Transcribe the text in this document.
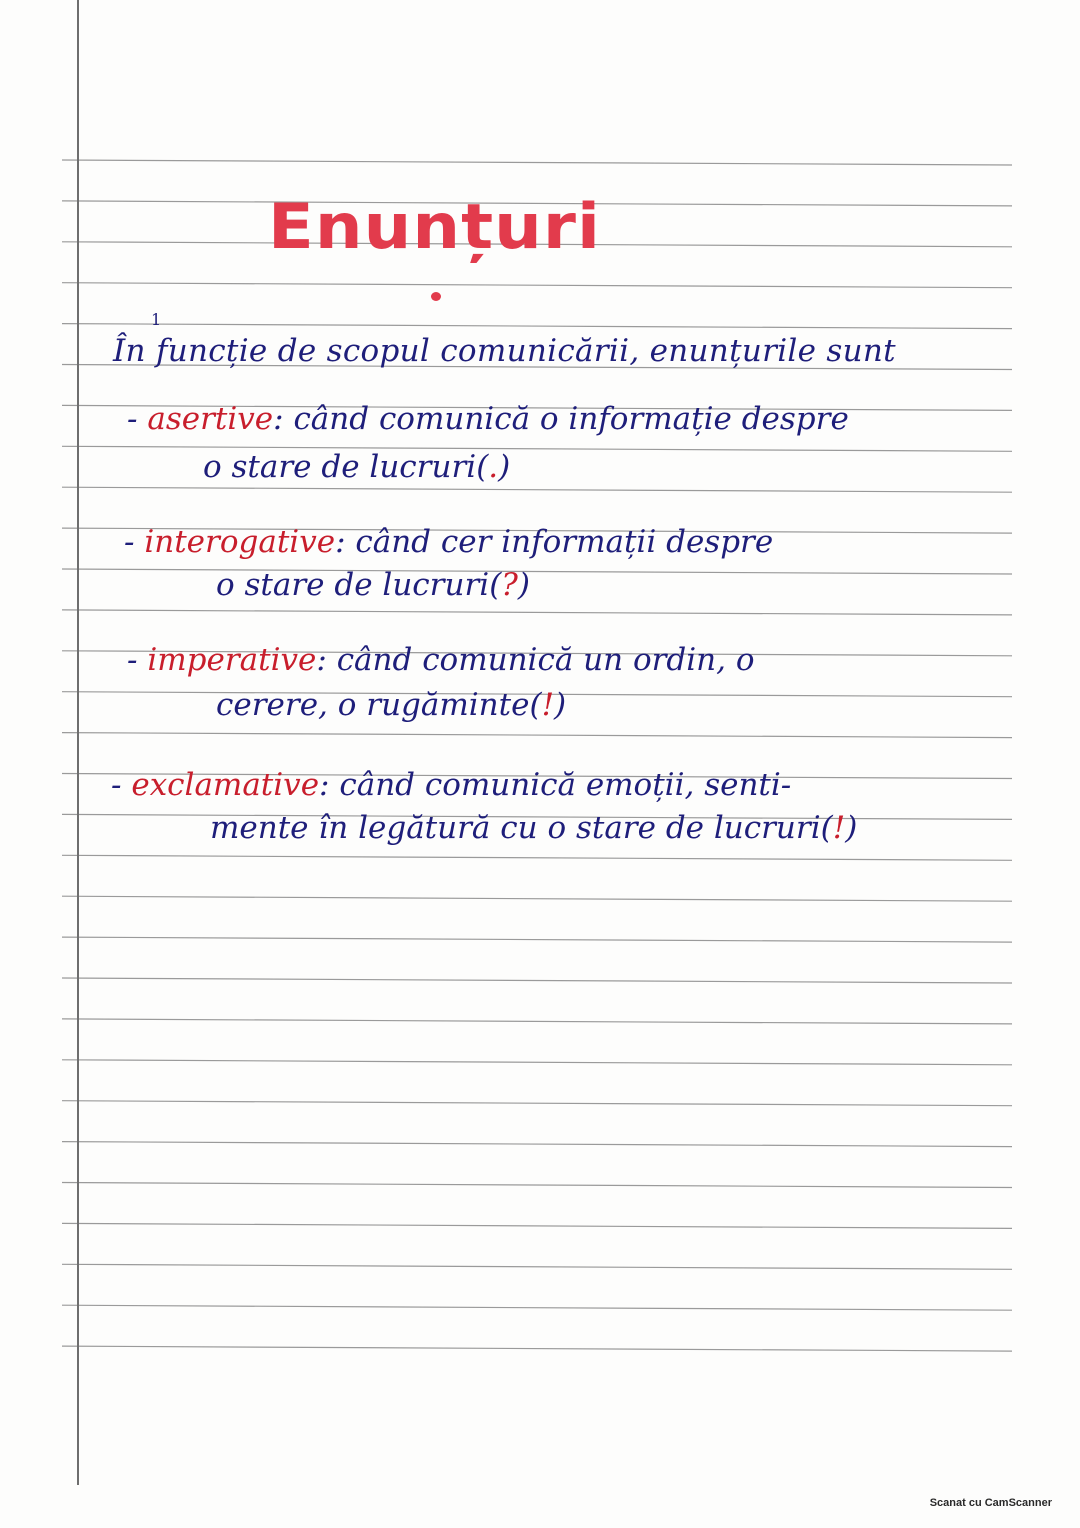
Enunțuri
1
În funcție de scopul comunicării, enunțurile sunt
- asertive: când comunică o informație despre
o stare de lucruri(.)
- interogative: când cer informații despre
o stare de lucruri(?)
- imperative: când comunică un ordin, o
cerere, o rugăminte(!)
- exclamative: când comunică emoții, senti-
mente în legătură cu o stare de lucruri(!)
Scanat cu CamScanner
